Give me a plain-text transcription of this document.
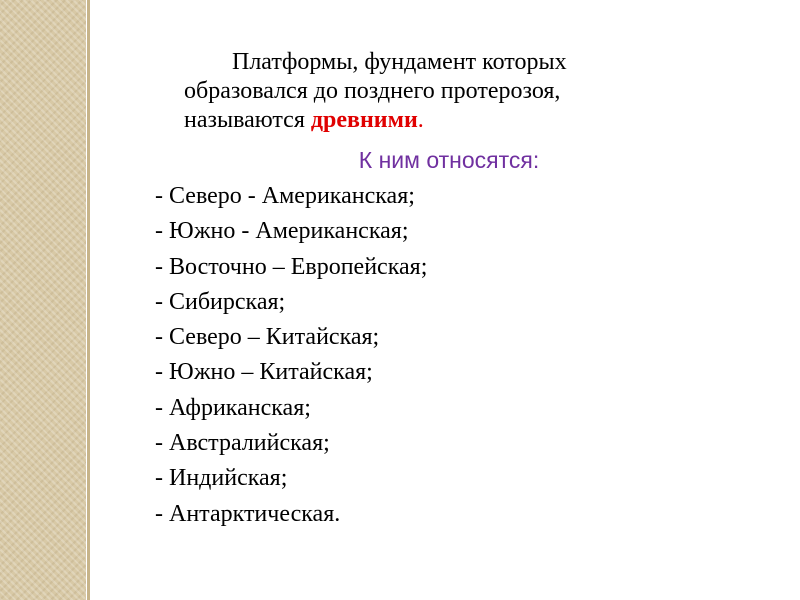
Платформы, фундамент которых
образовался до позднего протерозоя,
называются древними.
К ним относятся:
- Северо - Американская;
- Южно - Американская;
- Восточно – Европейская;
- Сибирская;
- Северо – Китайская;
- Южно – Китайская;
- Африканская;
- Австралийская;
- Индийская;
- Антарктическая.
